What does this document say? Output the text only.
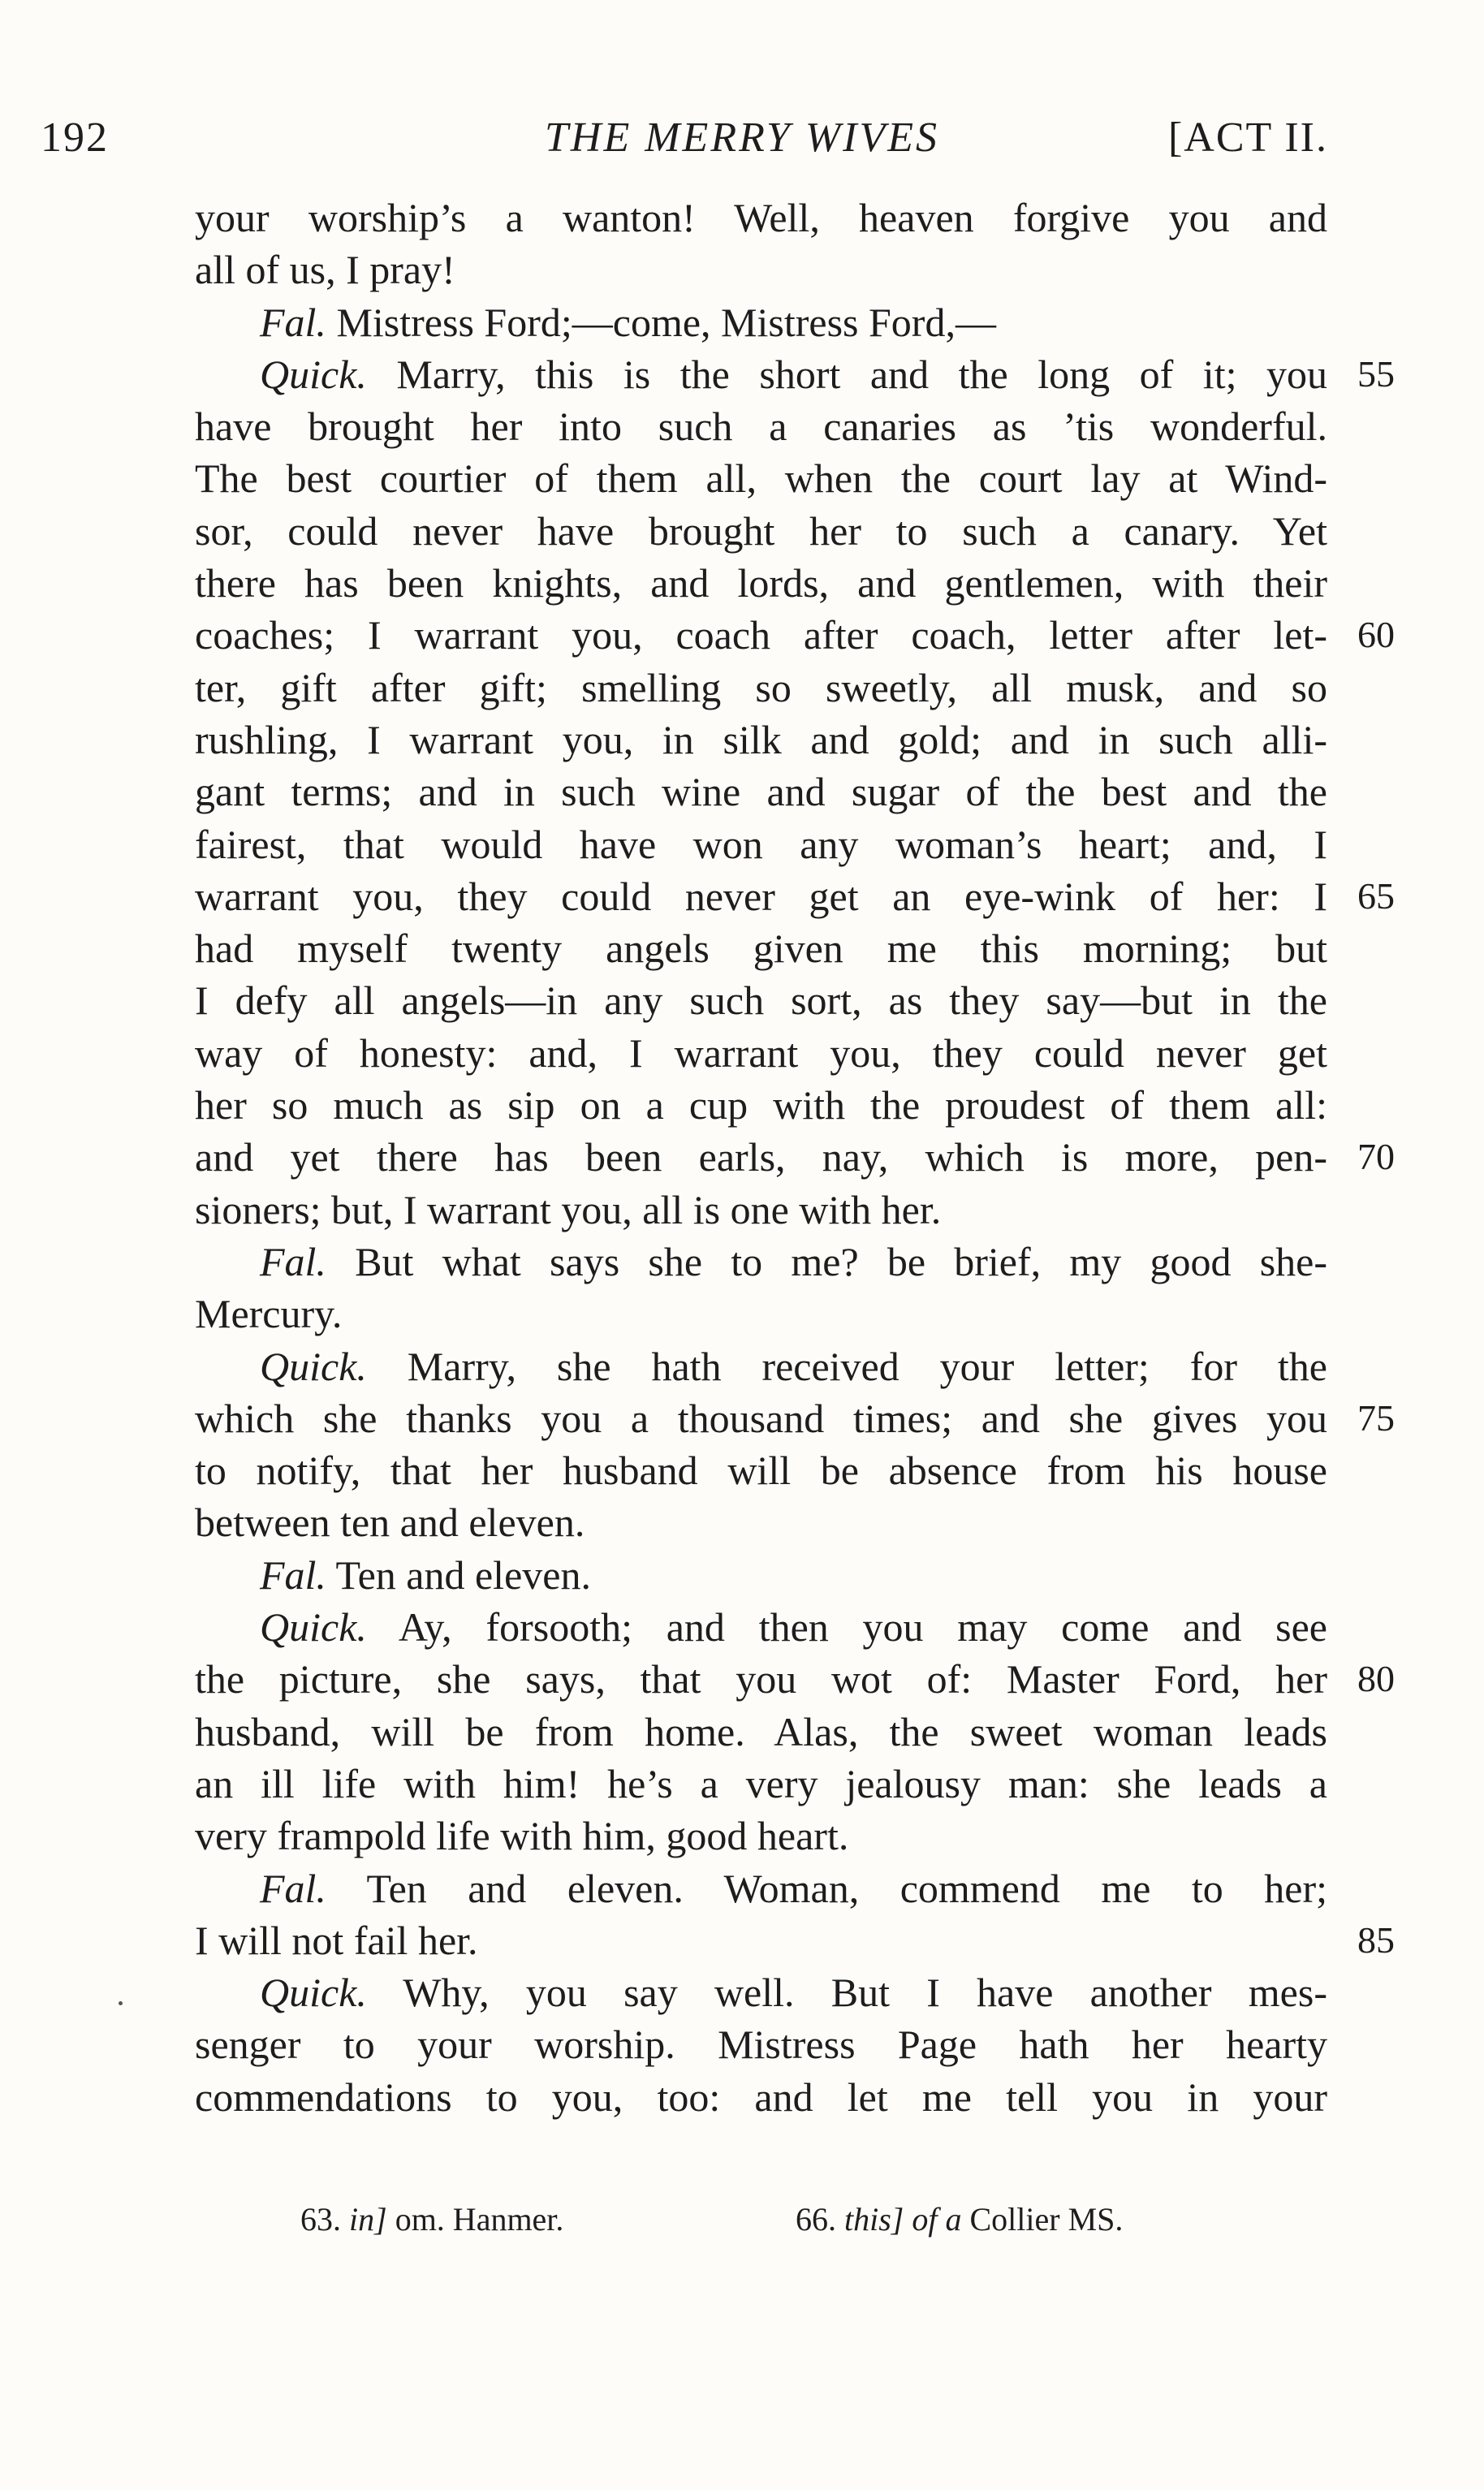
192	THE MERRY WIVES	[ACT II.
your worship’s a wanton! Well, heaven forgive you and
all of us, I pray!
Fal. Mistress Ford;—come, Mistress Ford,—
Quick. Marry, this is the short and the long of it; you 55
have brought her into such a canaries as ’tis wonderful.
The best courtier of them all, when the court lay at Wind-
sor, could never have brought her to such a canary. Yet
there has been knights, and lords, and gentlemen, with their
coaches; I warrant you, coach after coach, letter after let- 60
ter, gift after gift; smelling so sweetly, all musk, and so
rushling, I warrant you, in silk and gold; and in such alli-
gant terms; and in such wine and sugar of the best and the
fairest, that would have won any woman’s heart; and, I
warrant you, they could never get an eye-wink of her: I 65
had myself twenty angels given me this morning; but
I defy all angels—in any such sort, as they say—but in the
way of honesty: and, I warrant you, they could never get
her so much as sip on a cup with the proudest of them all:
and yet there has been earls, nay, which is more, pen- 70
sioners; but, I warrant you, all is one with her.
Fal. But what says she to me? be brief, my good she-
Mercury.
Quick. Marry, she hath received your letter; for the
which she thanks you a thousand times; and she gives you 75
to notify, that her husband will be absence from his house
between ten and eleven.
Fal. Ten and eleven.
Quick. Ay, forsooth; and then you may come and see
the picture, she says, that you wot of: Master Ford, her 80
husband, will be from home. Alas, the sweet woman leads
an ill life with him! he’s a very jealousy man: she leads a
very frampold life with him, good heart.
Fal. Ten and eleven. Woman, commend me to her;
I will not fail her.	85
Quick. Why, you say well. But I have another mes-
senger to your worship. Mistress Page hath her hearty
commendations to you, too: and let me tell you in your
63. in] om. Hanmer.	66. this] of a Collier MS.
